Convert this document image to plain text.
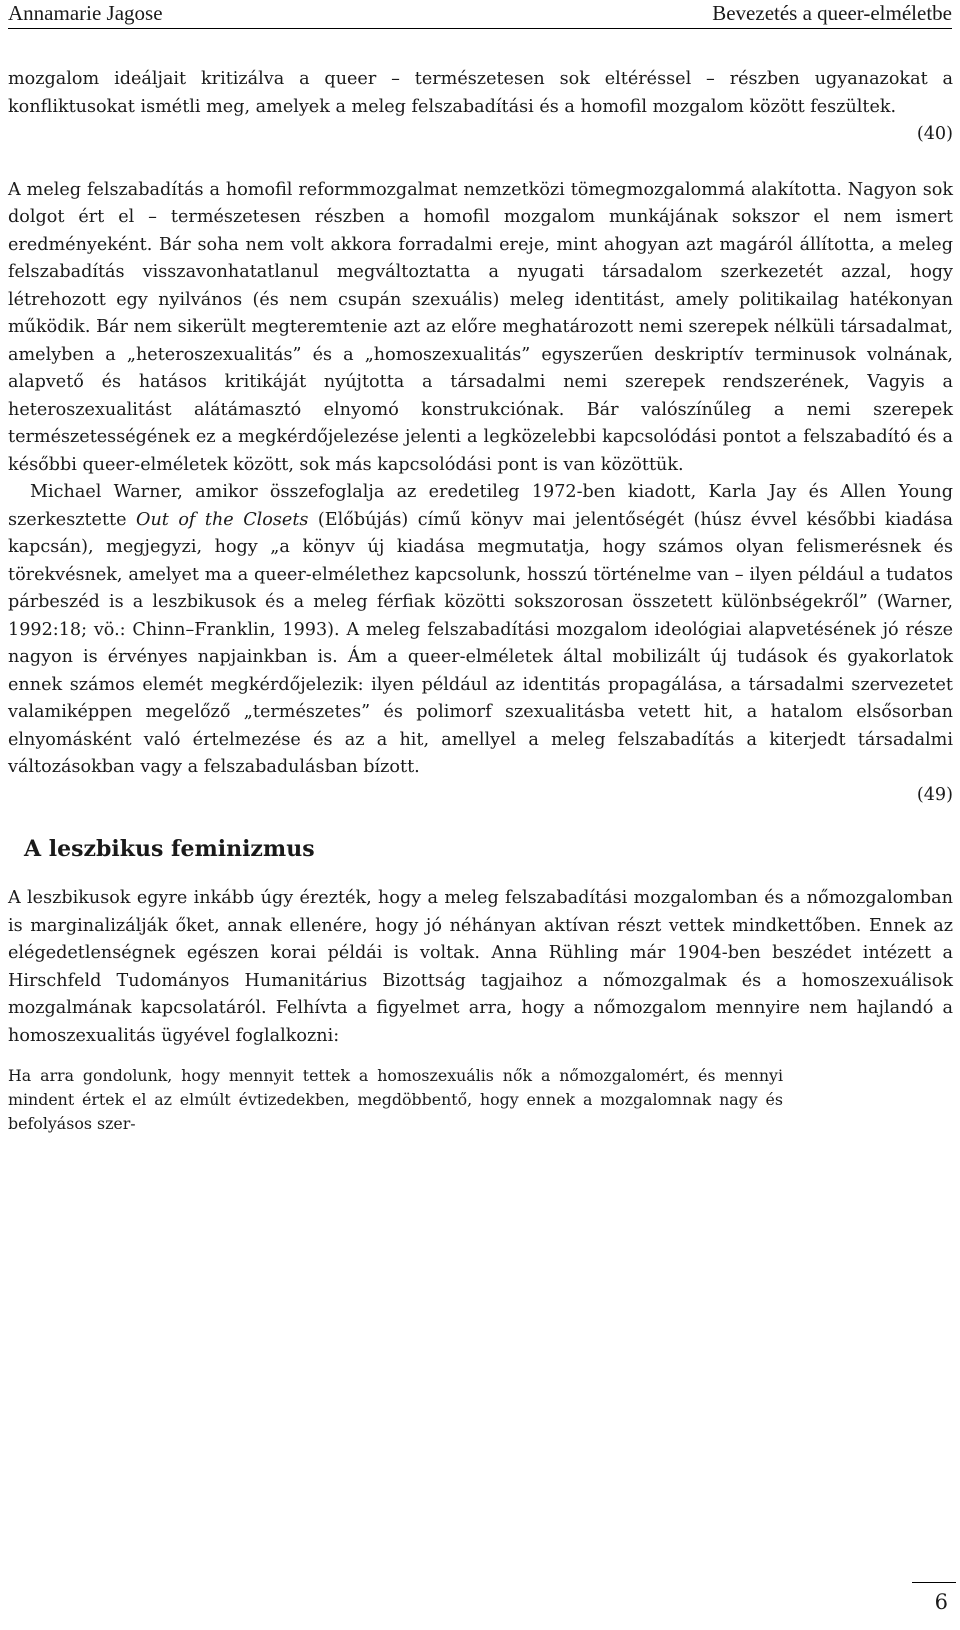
Annamarie Jagose	Bevezetés a queer-elméletbe

mozgalom ideáljait kritizálva a queer – természetesen sok eltéréssel – részben ugyanazokat a konfliktusokat ismétli meg, amelyek a meleg felszabadítási és a homofil mozgalom között feszültek.

(40)

A meleg felszabadítás a homofil reformmozgalmat nemzetközi tömegmozgalommá alakította. Nagyon sok dolgot ért el – természetesen részben a homofil mozgalom munkájának sokszor el nem ismert eredményeként. Bár soha nem volt akkora forradalmi ereje, mint ahogyan azt magáról állította, a meleg felszabadítás visszavonhatatlanul megváltoztatta a nyugati társadalom szerkezetét azzal, hogy létrehozott egy nyilvános (és nem csupán szexuális) meleg identitást, amely politikailag hatékonyan működik. Bár nem sikerült megteremtenie azt az előre meghatározott nemi szerepek nélküli társadalmat, amelyben a „heteroszexualitás” és a „homoszexualitás” egyszerűen deskriptív terminusok volnának, alapvető és hatásos kritikáját nyújtotta a társadalmi nemi szerepek rendszerének, Vagyis a heteroszexualitást alátámasztó elnyomó konstrukciónak. Bár valószínűleg a nemi szerepek természetességének ez a megkérdőjelezése jelenti a legközelebbi kapcsolódási pontot a felszabadító és a későbbi queer-elméletek között, sok más kapcsolódási pont is van közöttük.

Michael Warner, amikor összefoglalja az eredetileg 1972-ben kiadott, Karla Jay és Allen Young szerkesztette Out of the Closets (Előbújás) című könyv mai jelentőségét (húsz évvel későbbi kiadása kapcsán), megjegyzi, hogy „a könyv új kiadása megmutatja, hogy számos olyan felismerésnek és törekvésnek, amelyet ma a queer-elmélethez kapcsolunk, hosszú történelme van – ilyen például a tudatos párbeszéd is a leszbikusok és a meleg férfiak közötti sokszorosan összetett különbségekről” (Warner, 1992:18; vö.: Chinn–Franklin, 1993). A meleg felszabadítási mozgalom ideológiai alapvetésének jó része nagyon is érvényes napjainkban is. Ám a queer-elméletek által mobilizált új tudások és gyakorlatok ennek számos elemét megkérdőjelezik: ilyen például az identitás propagálása, a társadalmi szervezetet valamiképpen megelőző „természetes” és polimorf szexualitásba vetett hit, a hatalom elsősorban elnyomásként való értelmezése és az a hit, amellyel a meleg felszabadítás a kiterjedt társadalmi változásokban vagy a felszabadulásban bízott.

(49)

A leszbikus feminizmus

A leszbikusok egyre inkább úgy érezték, hogy a meleg felszabadítási mozgalomban és a nőmozgalomban is marginalizálják őket, annak ellenére, hogy jó néhányan aktívan részt vettek mindkettőben. Ennek az elégedetlenségnek egészen korai példái is voltak. Anna Rühling már 1904-ben beszédet intézett a Hirschfeld Tudományos Humanitárius Bizottság tagjaihoz a nőmozgalmak és a homoszexuálisok mozgalmának kapcsolatáról. Felhívta a figyelmet arra, hogy a nőmozgalom mennyire nem hajlandó a homoszexualitás ügyével foglalkozni:

Ha arra gondolunk, hogy mennyit tettek a homoszexuális nők a nőmozgalomért, és mennyi mindent értek el az elmúlt évtizedekben, megdöbbentő, hogy ennek a mozgalomnak nagy és befolyásos szer-

6
